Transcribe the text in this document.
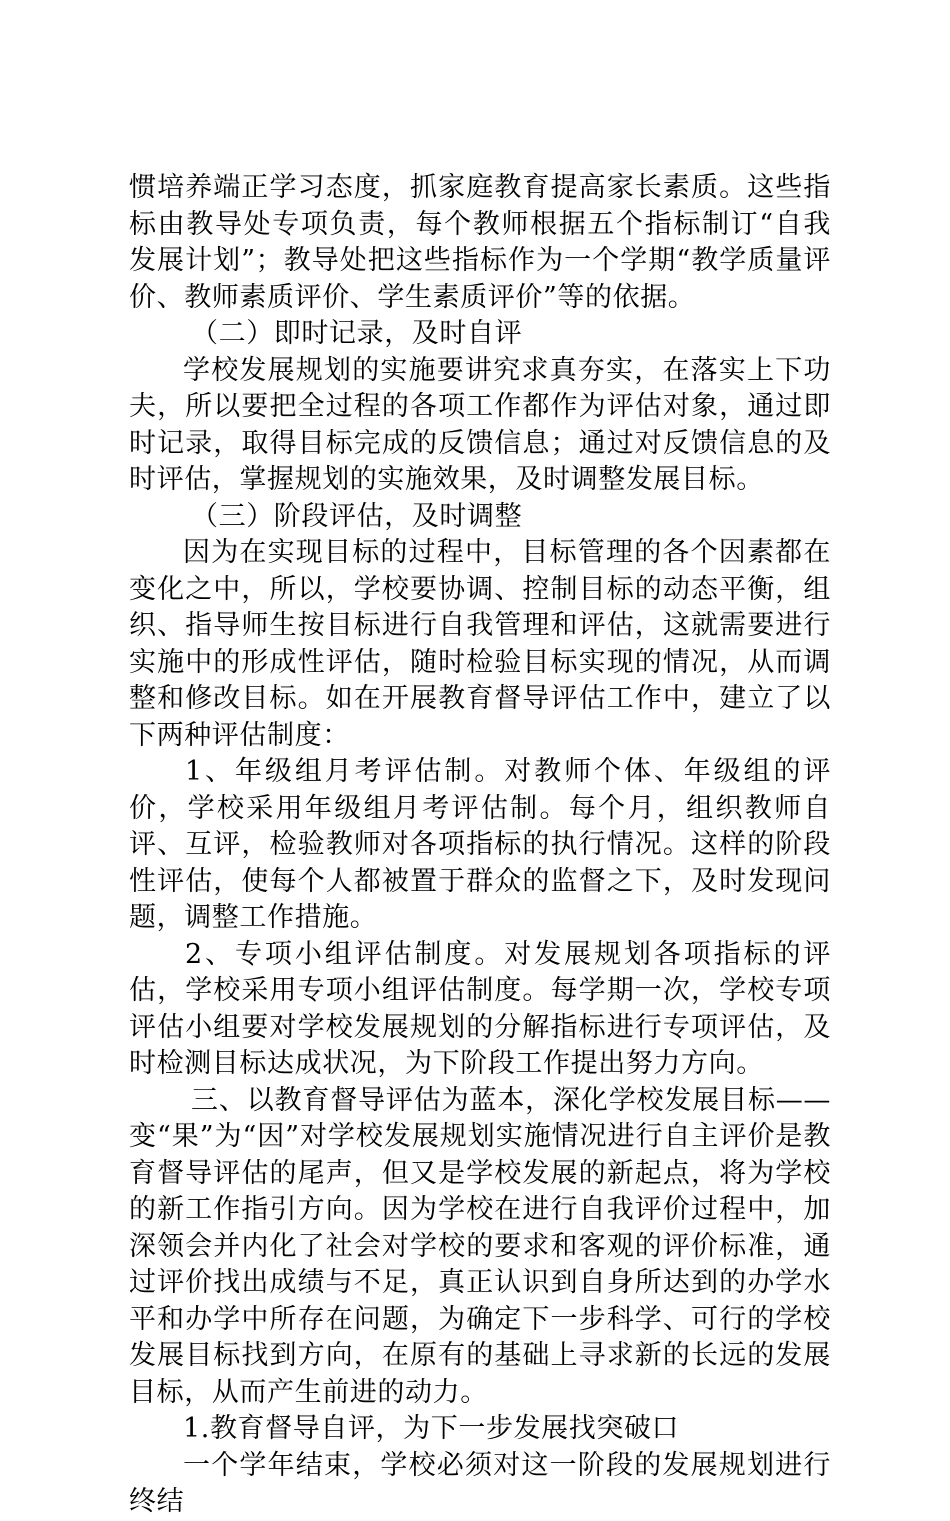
惯培养端正学习态度，抓家庭教育提高家长素质。这些指标由教导处专项负责，每个教师根据五个指标制订“自我发展计划”；教导处把这些指标作为一个学期“教学质量评价、教师素质评价、学生素质评价”等的依据。

（二）即时记录，及时自评

学校发展规划的实施要讲究求真夯实，在落实上下功夫，所以要把全过程的各项工作都作为评估对象，通过即时记录，取得目标完成的反馈信息；通过对反馈信息的及时评估，掌握规划的实施效果，及时调整发展目标。

（三）阶段评估，及时调整

因为在实现目标的过程中，目标管理的各个因素都在变化之中，所以，学校要协调、控制目标的动态平衡，组织、指导师生按目标进行自我管理和评估，这就需要进行实施中的形成性评估，随时检验目标实现的情况，从而调整和修改目标。如在开展教育督导评估工作中，建立了以下两种评估制度：

1、年级组月考评估制。对教师个体、年级组的评价，学校采用年级组月考评估制。每个月，组织教师自评、互评，检验教师对各项指标的执行情况。这样的阶段性评估，使每个人都被置于群众的监督之下，及时发现问题，调整工作措施。

2、专项小组评估制度。对发展规划各项指标的评估，学校采用专项小组评估制度。每学期一次，学校专项评估小组要对学校发展规划的分解指标进行专项评估，及时检测目标达成状况，为下阶段工作提出努力方向。

三、以教育督导评估为蓝本，深化学校发展目标——变“果”为“因”对学校发展规划实施情况进行自主评价是教育督导评估的尾声，但又是学校发展的新起点，将为学校的新工作指引方向。因为学校在进行自我评价过程中，加深领会并内化了社会对学校的要求和客观的评价标准，通过评价找出成绩与不足，真正认识到自身所达到的办学水平和办学中所存在问题，为确定下一步科学、可行的学校发展目标找到方向，在原有的基础上寻求新的长远的发展目标，从而产生前进的动力。

1.教育督导自评，为下一步发展找突破口

一个学年结束，学校必须对这一阶段的发展规划进行终结
